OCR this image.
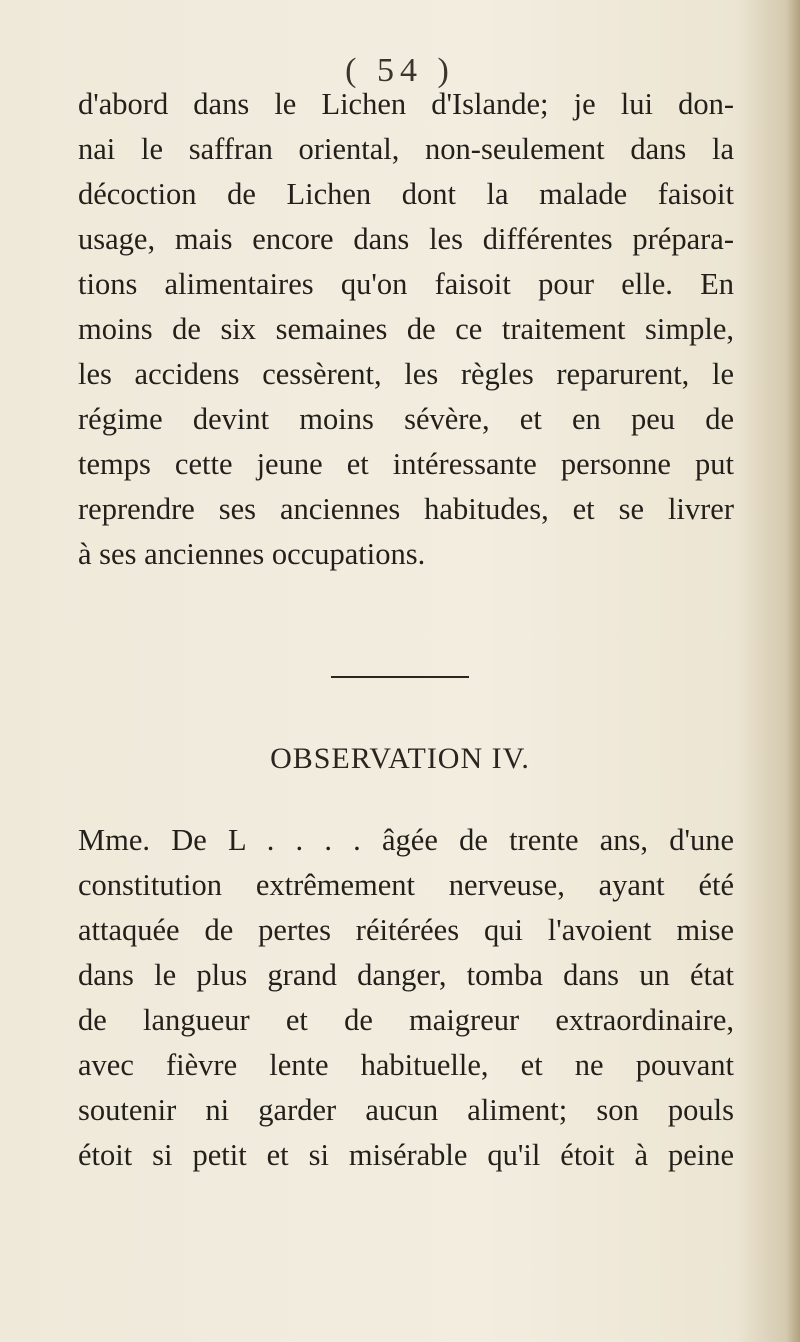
( 54 )
d'abord dans le Lichen d'Islande; je lui don-
nai le saffran oriental, non-seulement dans la
décoction de Lichen dont la malade faisoit
usage, mais encore dans les différentes prépara-
tions alimentaires qu'on faisoit pour elle. En
moins de six semaines de ce traitement simple,
les accidens cessèrent, les règles reparurent, le
régime devint moins sévère, et en peu de
temps cette jeune et intéressante personne put
reprendre ses anciennes habitudes, et se livrer
à ses anciennes occupations.
OBSERVATION IV.
Mme. De L . . . . âgée de trente ans, d'une
constitution extrêmement nerveuse, ayant été
attaquée de pertes réitérées qui l'avoient mise
dans le plus grand danger, tomba dans un état
de langueur et de maigreur extraordinaire,
avec fièvre lente habituelle, et ne pouvant
soutenir ni garder aucun aliment; son pouls
étoit si petit et si misérable qu'il étoit à peine
